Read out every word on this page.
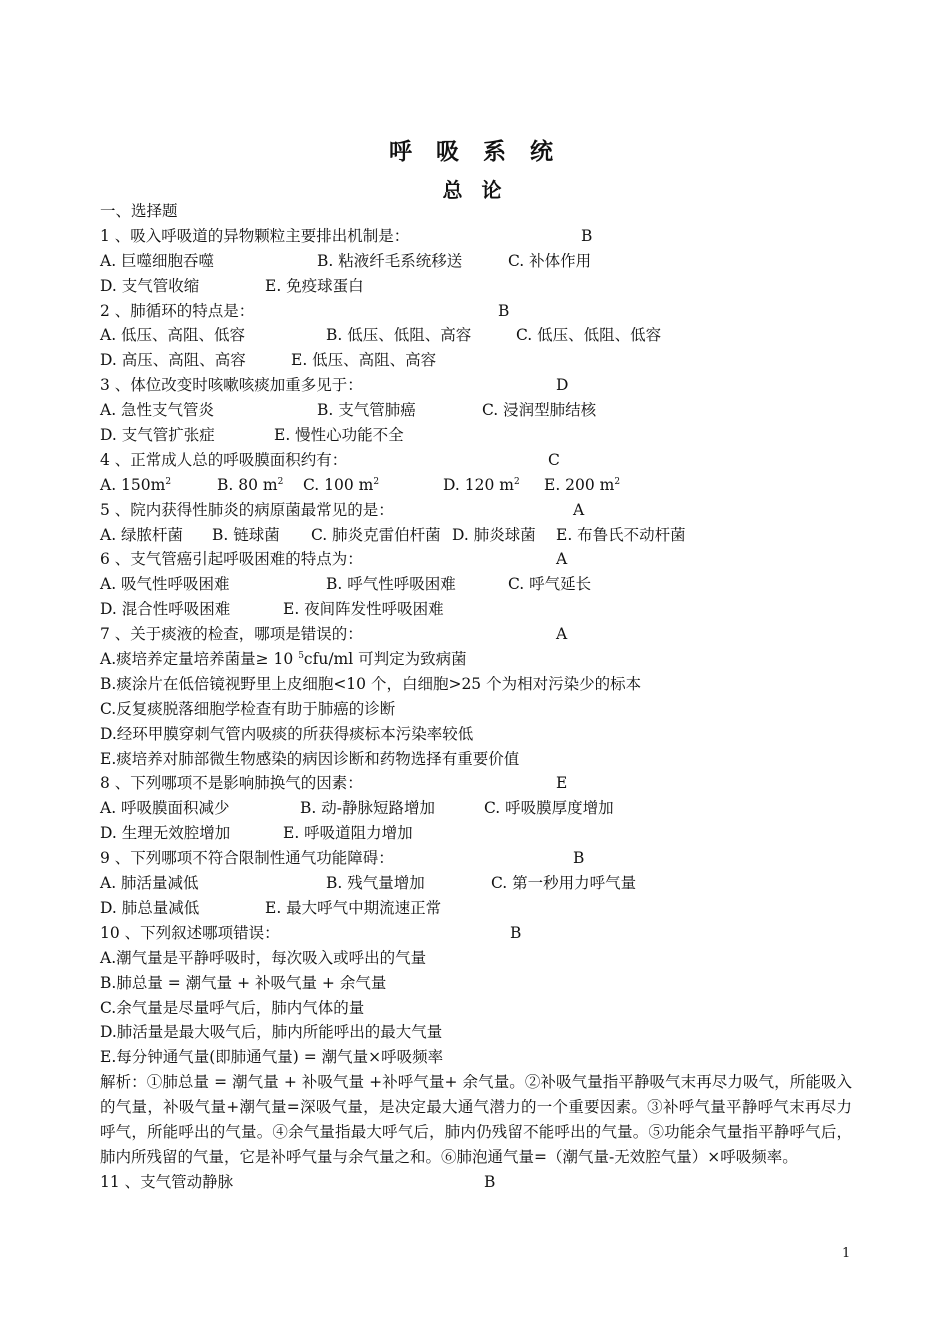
呼 吸 系 统
总 论
一、选择题
1 、吸入呼吸道的异物颗粒主要排出机制是：	B
A. 巨噬细胞吞噬	B. 粘液纤毛系统移送	C. 补体作用
D. 支气管收缩	E. 免疫球蛋白
2 、肺循环的特点是：	B
A. 低压、高阻、低容	B. 低压、低阻、高容	C. 低压、低阻、低容
D. 高压、高阻、高容	E. 低压、高阻、高容
3 、体位改变时咳嗽咳痰加重多见于：	D
A. 急性支气管炎	B. 支气管肺癌	C. 浸润型肺结核
D. 支气管扩张症	E. 慢性心功能不全
4 、正常成人总的呼吸膜面积约有：	C
A. $150m^2$	B. 80 $m^2$ C. 100 $m^2$	D. 120 $m^2$ E. 200 $m^2$
5 、院内获得性肺炎的病原菌最常见的是：	A
A. 绿脓杆菌 B. 链球菌 C. 肺炎克雷伯杆菌 D. 肺炎球菌 E. 布鲁氏不动杆菌
6 、支气管癌引起呼吸困难的特点为：	A
A. 吸气性呼吸困难	B. 呼气性呼吸困难	C. 呼气延长
D. 混合性呼吸困难	E. 夜间阵发性呼吸困难
7 、关于痰液的检查，哪项是错误的：	A
A.痰培养定量培养菌量≥ 10 $^5$cfu/ml 可判定为致病菌
B.痰涂片在低倍镜视野里上皮细胞<10 个，白细胞>25 个为相对污染少的标本
C.反复痰脱落细胞学检查有助于肺癌的诊断
D.经环甲膜穿刺气管内吸痰的所获得痰标本污染率较低
E.痰培养对肺部微生物感染的病因诊断和药物选择有重要价值
8 、下列哪项不是影响肺换气的因素：	E
A. 呼吸膜面积减少	B. 动-静脉短路增加	C. 呼吸膜厚度增加
D. 生理无效腔增加	E. 呼吸道阻力增加
9 、下列哪项不符合限制性通气功能障碍：	B
A. 肺活量减低	B. 残气量增加	C. 第一秒用力呼气量
D. 肺总量减低	E. 最大呼气中期流速正常
10 、下列叙述哪项错误：	B
A.潮气量是平静呼吸时，每次吸入或呼出的气量
B.肺总量 = 潮气量 + 补吸气量 + 余气量
C.余气量是尽量呼气后，肺内气体的量
D.肺活量是最大吸气后，肺内所能呼出的最大气量
E.每分钟通气量(即肺通气量) = 潮气量×呼吸频率
解析：①肺总量 = 潮气量 + 补吸气量 +补呼气量+ 余气量。②补吸气量指平静吸气末再尽力吸气，所能吸入的气量，补吸气量+潮气量=深吸气量，是决定最大通气潜力的一个重要因素。③补呼气量平静呼气末再尽力呼气，所能呼出的气量。④余气量指最大呼气后，肺内仍残留不能呼出的气量。⑤功能余气量指平静呼气后，肺内所残留的气量，它是补呼气量与余气量之和。⑥肺泡通气量=（潮气量-无效腔气量）×呼吸频率。
11 、支气管动静脉	B
1
